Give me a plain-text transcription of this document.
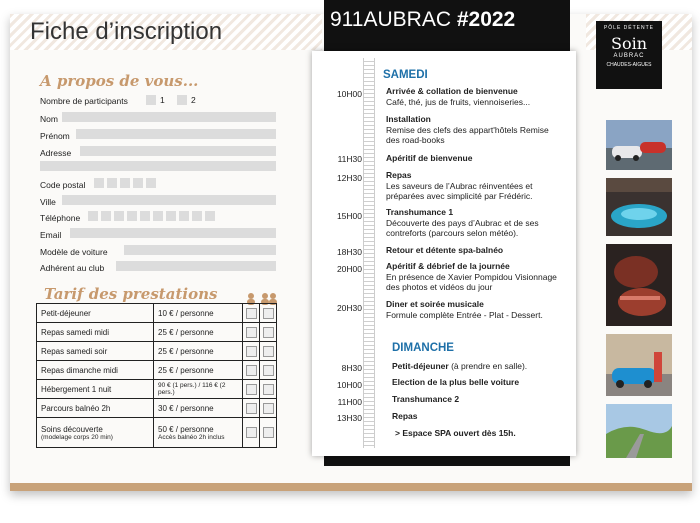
Fiche d’inscription
A propos de vous...
Nombre de participants	1	2
Nom
Prénom
Adresse
Code postal
Ville
Téléphone
Email
Modèle de voiture
Adhérent au club
Tarif des prestations
Petit-déjeuner	10 € / personne	

Repas samedi midi	25 € / personne	

Repas samedi soir	25 € / personne	

Repas dimanche midi	25 € / personne	

Hébergement 1 nuit	90 € (1 pers.) / 116 € (2 pers.)	

Parcours balnéo 2h	30 € / personne	

Soins découverte
(modelage corps 20 min)	50 € / personne
Accès balnéo 2h inclus		

911AUBRAC #2022
SAMEDI
10H00	Arrivée & collation de bienvenue
Café, thé, jus de fruits, viennoiseries...
Installation
Remise des clefs des appart'hôtels Remise des road-books
11H30	Apéritif de bienvenue
12H30	Repas
Les saveurs de l’Aubrac réinventées et préparées avec simplicité par Frédéric.
15H00	Transhumance 1
Découverte des pays d’Aubrac et de ses contreforts (parcours selon météo).
18H30	Retour et détente spa-balnéo
20H00	Apéritif & débrief de la journée
En présence de Xavier Pompidou Visionnage des photos et vidéos du jour
20H30	Diner et soirée musicale
Formule complète Entrée - Plat - Dessert.
DIMANCHE
8H30	Petit-déjeuner (à prendre en salle).
10H00	Election de la plus belle voiture
11H00	Transhumance 2
13H30	Repas
> Espace SPA ouvert dès 15h.
PÔLE DÉTENTE
Soin
AUBRAC
CHAUDES-AIGUES
